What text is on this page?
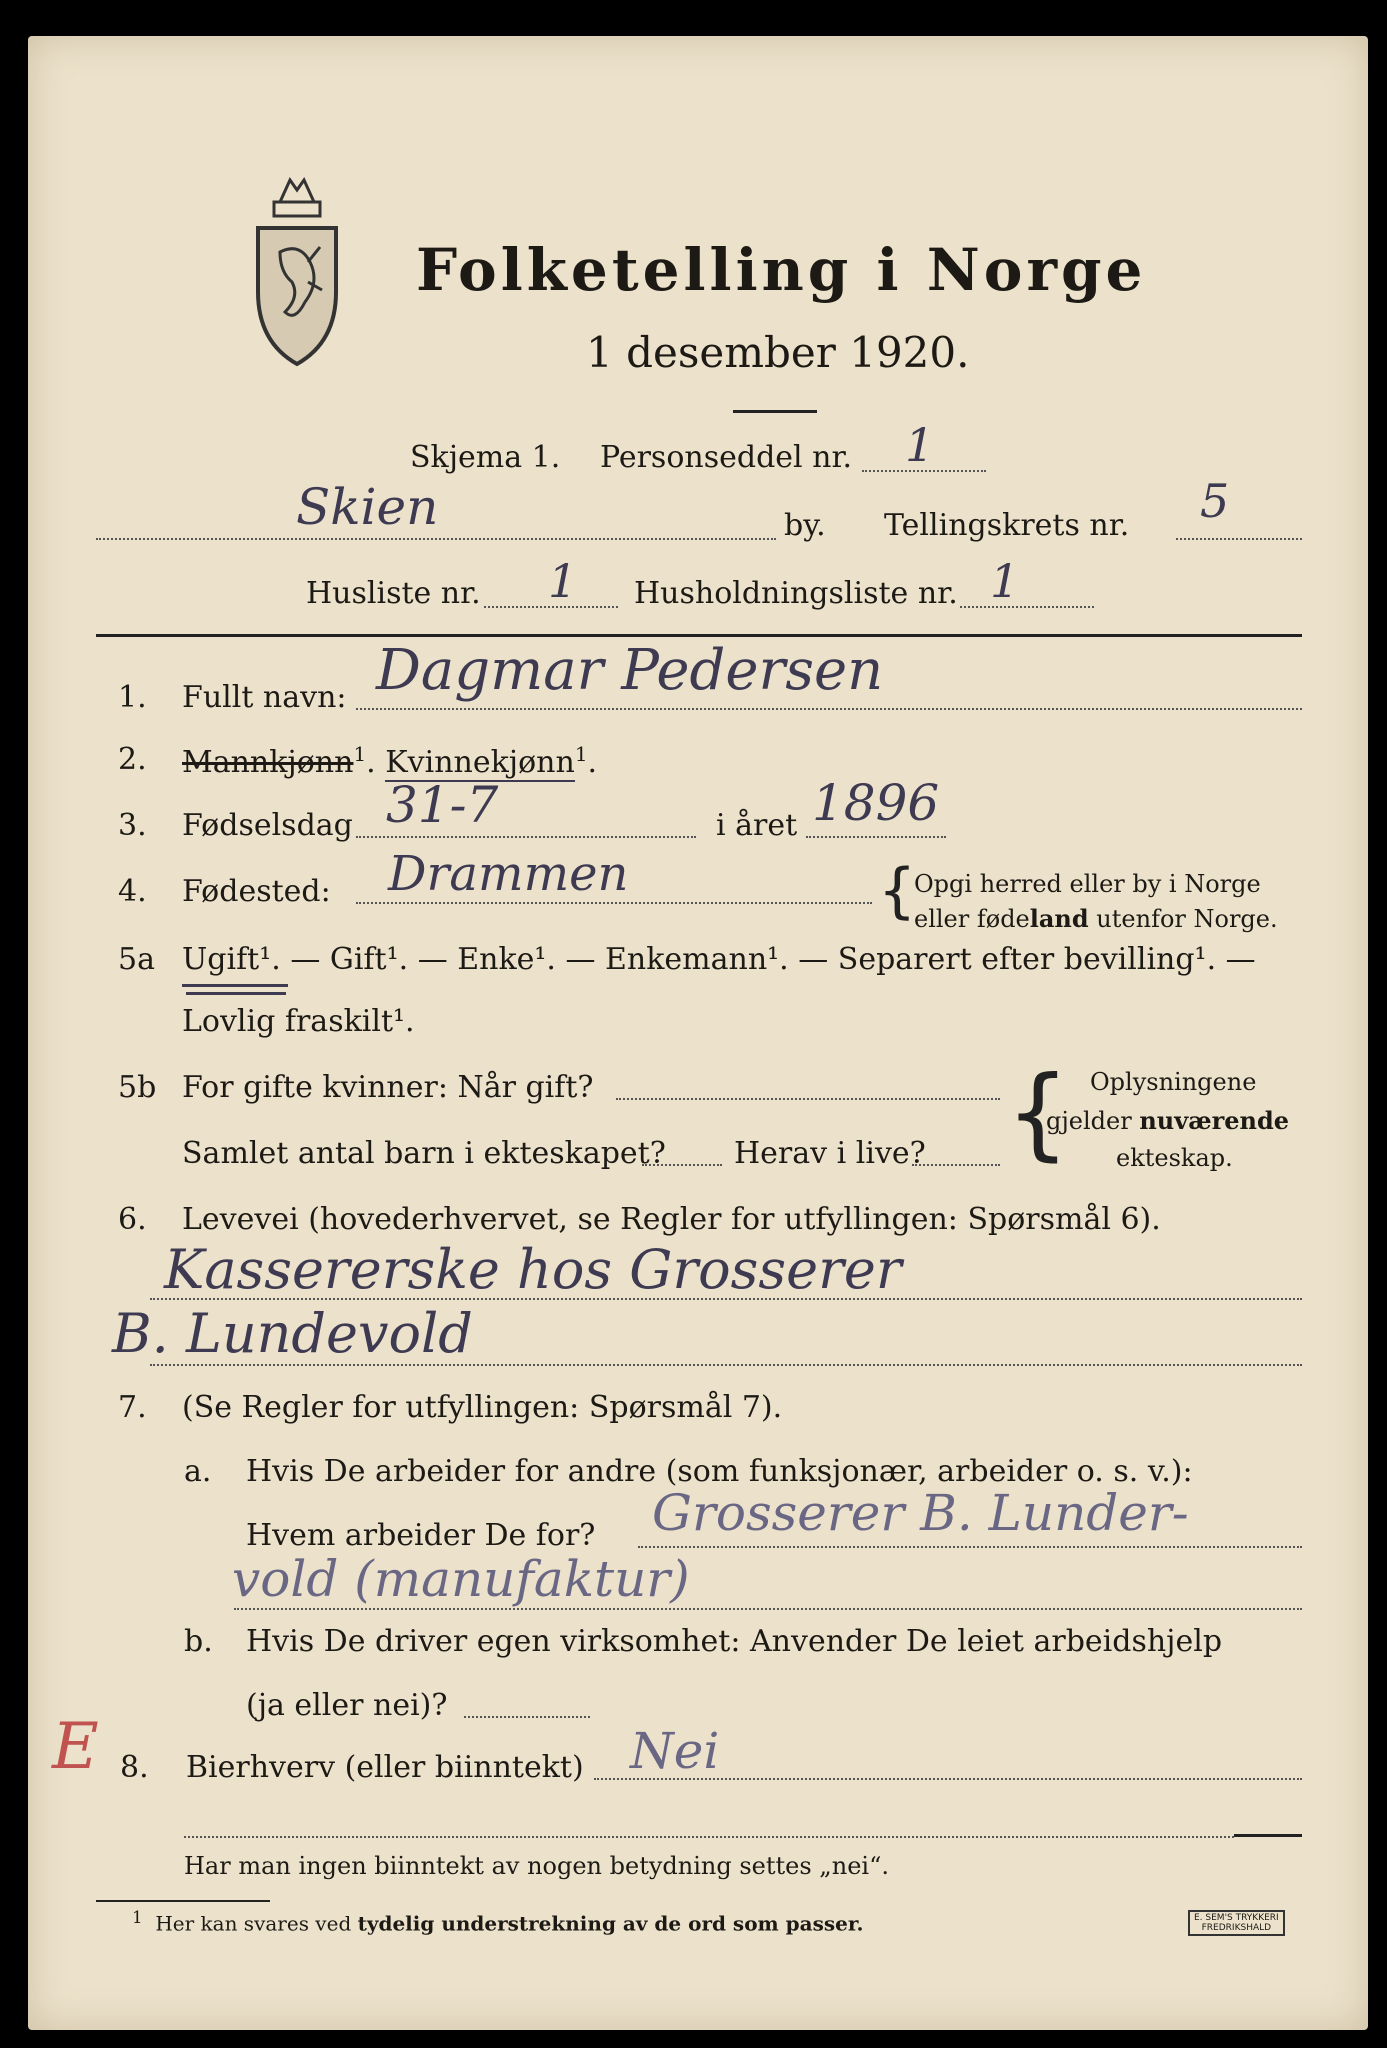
Folketelling i Norge
1 desember 1920.
Skjema 1. Personseddel nr. 1
Skien	by. Tellingskrets nr. 5
Husliste nr. 1 Husholdningsliste nr. 1
1. Fullt navn: Dagmar Pedersen
2. Mannkjønn$^1$. Kvinnekjønn$^1$.
3. Fødselsdag 31-7	i året 1896
4. Fødested: Drammen	{
Opgi herred eller by i Norge
eller fødeland utenfor Norge.
5a Ugift¹. — Gift¹. — Enke¹. — Enkemann¹. — Separert efter bevilling¹. —
Lovlig fraskilt¹.
5b For gifte kvinner: Når gift?
Samlet antal barn i ekteskapet? Herav i live? { Oplysningene
gjelder nuværende
ekteskap.
6. Levevei (hovederhvervet, se Regler for utfyllingen: Spørsmål 6).
Kassererske hos Grosserer
B. Lundevold
7. (Se Regler for utfyllingen: Spørsmål 7).
a. Hvis De arbeider for andre (som funksjonær, arbeider o. s. v.):
Hvem arbeider De for? Grosserer B. Lunder-
vold (manufaktur)
b. Hvis De driver egen virksomhet: Anvender De leiet arbeidshjelp
(ja eller nei)?
8. Bierhverv (eller biinntekt) Nei
Har man ingen biinntekt av nogen betydning settes „nei“.
$^1$ Her kan svares ved tydelig understrekning av de ord som passer.	E. SEM'S TRYKKERI
FREDRIKSHALD
E
